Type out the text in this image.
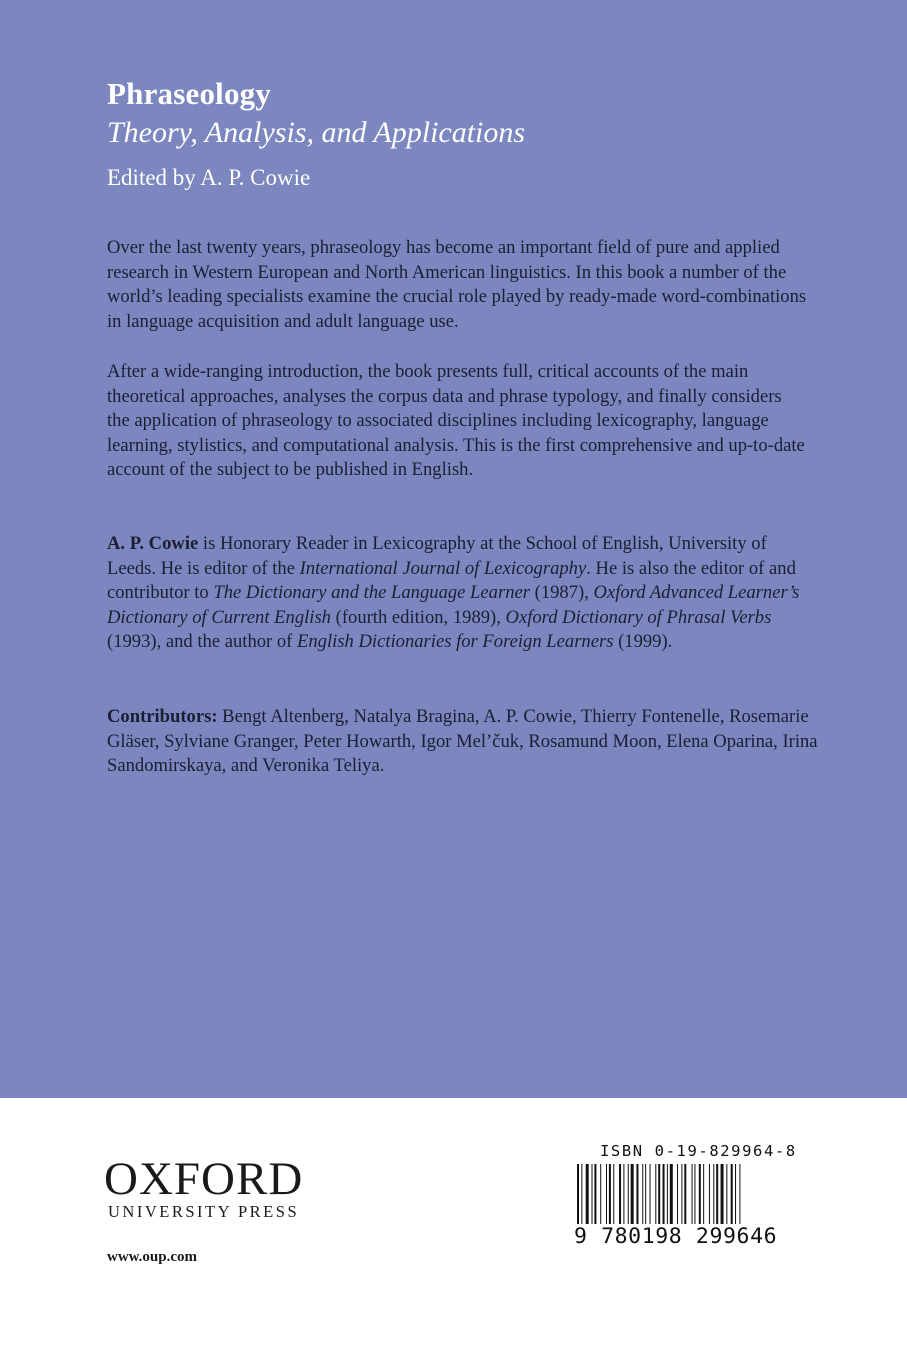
Phraseology
Theory, Analysis, and Applications
Edited by A. P. Cowie
Over the last twenty years, phraseology has become an important field of pure and applied research in Western European and North American linguistics. In this book a number of the world’s leading specialists examine the crucial role played by ready-made word-combinations in language acquisition and adult language use.
After a wide-ranging introduction, the book presents full, critical accounts of the main theoretical approaches, analyses the corpus data and phrase typology, and finally considers the application of phraseology to associated disciplines including lexicography, language learning, stylistics, and computational analysis. This is the first comprehensive and up-to-date account of the subject to be published in English.
A. P. Cowie is Honorary Reader in Lexicography at the School of English, University of Leeds. He is editor of the International Journal of Lexicography. He is also the editor of and contributor to The Dictionary and the Language Learner (1987), Oxford Advanced Learner’s Dictionary of Current English (fourth edition, 1989), Oxford Dictionary of Phrasal Verbs (1993), and the author of English Dictionaries for Foreign Learners (1999).
Contributors: Bengt Altenberg, Natalya Bragina, A. P. Cowie, Thierry Fontenelle, Rosemarie Gläser, Sylviane Granger, Peter Howarth, Igor Mel’čuk, Rosamund Moon, Elena Oparina, Irina Sandomirskaya, and Veronika Teliya.
OXFORD
UNIVERSITY PRESS
www.oup.com
ISBN 0-19-829964-8
9 780198 299646
